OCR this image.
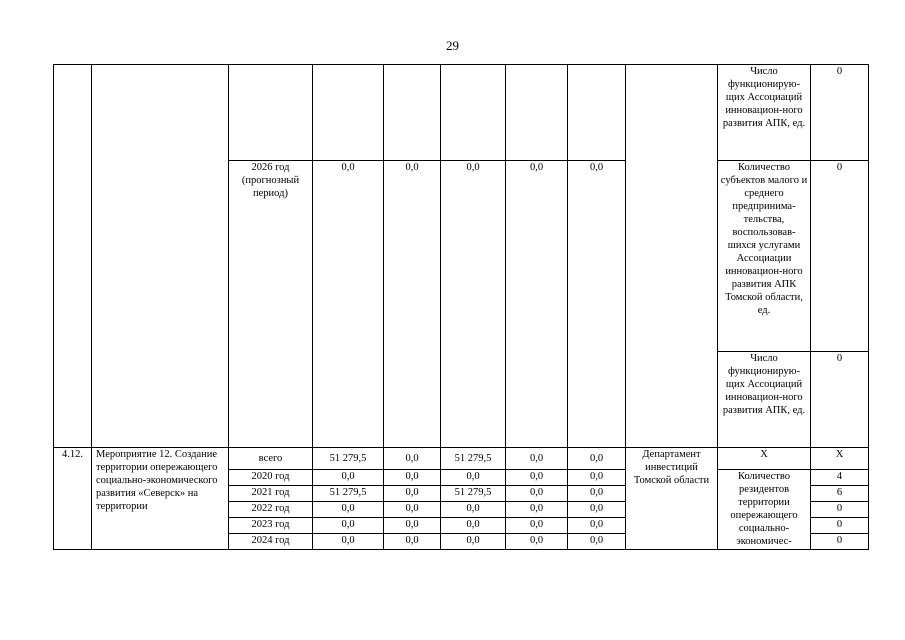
29
									Число функционирую-щих Ассоциаций инновацион-ного развития АПК, ед.	0
		2026 год (прогнозный период)	0,0	0,0	0,0	0,0	0,0		Количество субъектов малого и среднего предпринима-тельства, воспользовав-шихся услугами Ассоциации инновацион-ного развития АПК Томской области, ед.	0
									Число функционирую-щих Ассоциаций инновацион-ного развития АПК, ед.	0
4.12.	Мероприятие 12. Создание территории опережающего социально-экономического развития «Северск» на территории	всего	51 279,5	0,0	51 279,5	0,0	0,0	Департамент инвестиций Томской области	Х	Х
		2020 год	0,0	0,0	0,0	0,0	0,0		Количество резидентов территории опережающего социально-экономичес-	4
		2021 год	51 279,5	0,0	51 279,5	0,0	0,0			6
		2022 год	0,0	0,0	0,0	0,0	0,0			0
		2023 год	0,0	0,0	0,0	0,0	0,0			0
		2024 год	0,0	0,0	0,0	0,0	0,0			0
